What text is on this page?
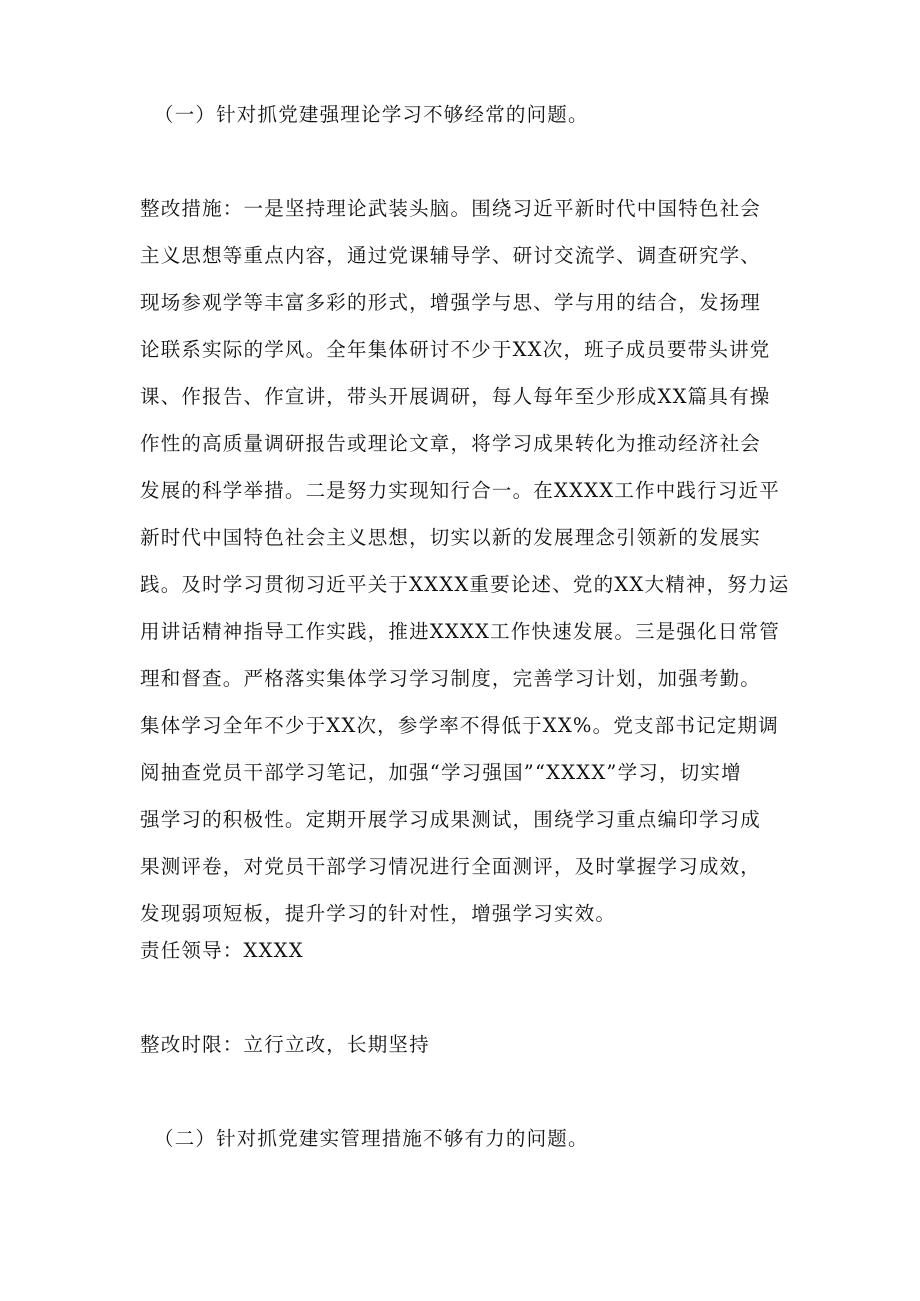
（一）针对抓党建强理论学习不够经常的问题。
整改措施：一是坚持理论武装头脑。围绕习近平新时代中国特色社会
主义思想等重点内容，通过党课辅导学、研讨交流学、调查研究学、
现场参观学等丰富多彩的形式，增强学与思、学与用的结合，发扬理
论联系实际的学风。全年集体研讨不少于XX次，班子成员要带头讲党
课、作报告、作宣讲，带头开展调研，每人每年至少形成XX篇具有操
作性的高质量调研报告或理论文章，将学习成果转化为推动经济社会
发展的科学举措。二是努力实现知行合一。在XXXX工作中践行习近平
新时代中国特色社会主义思想，切实以新的发展理念引领新的发展实
践。及时学习贯彻习近平关于XXXX重要论述、党的XX大精神，努力运
用讲话精神指导工作实践，推进XXXX工作快速发展。三是强化日常管
理和督查。严格落实集体学习学习制度，完善学习计划，加强考勤。
集体学习全年不少于XX次，参学率不得低于XX%。党支部书记定期调
阅抽查党员干部学习笔记，加强“学习强国”“XXXX”学习，切实增
强学习的积极性。定期开展学习成果测试，围绕学习重点编印学习成
果测评卷，对党员干部学习情况进行全面测评，及时掌握学习成效，
发现弱项短板，提升学习的针对性，增强学习实效。
责任领导：XXXX
整改时限：立行立改，长期坚持
（二）针对抓党建实管理措施不够有力的问题。
